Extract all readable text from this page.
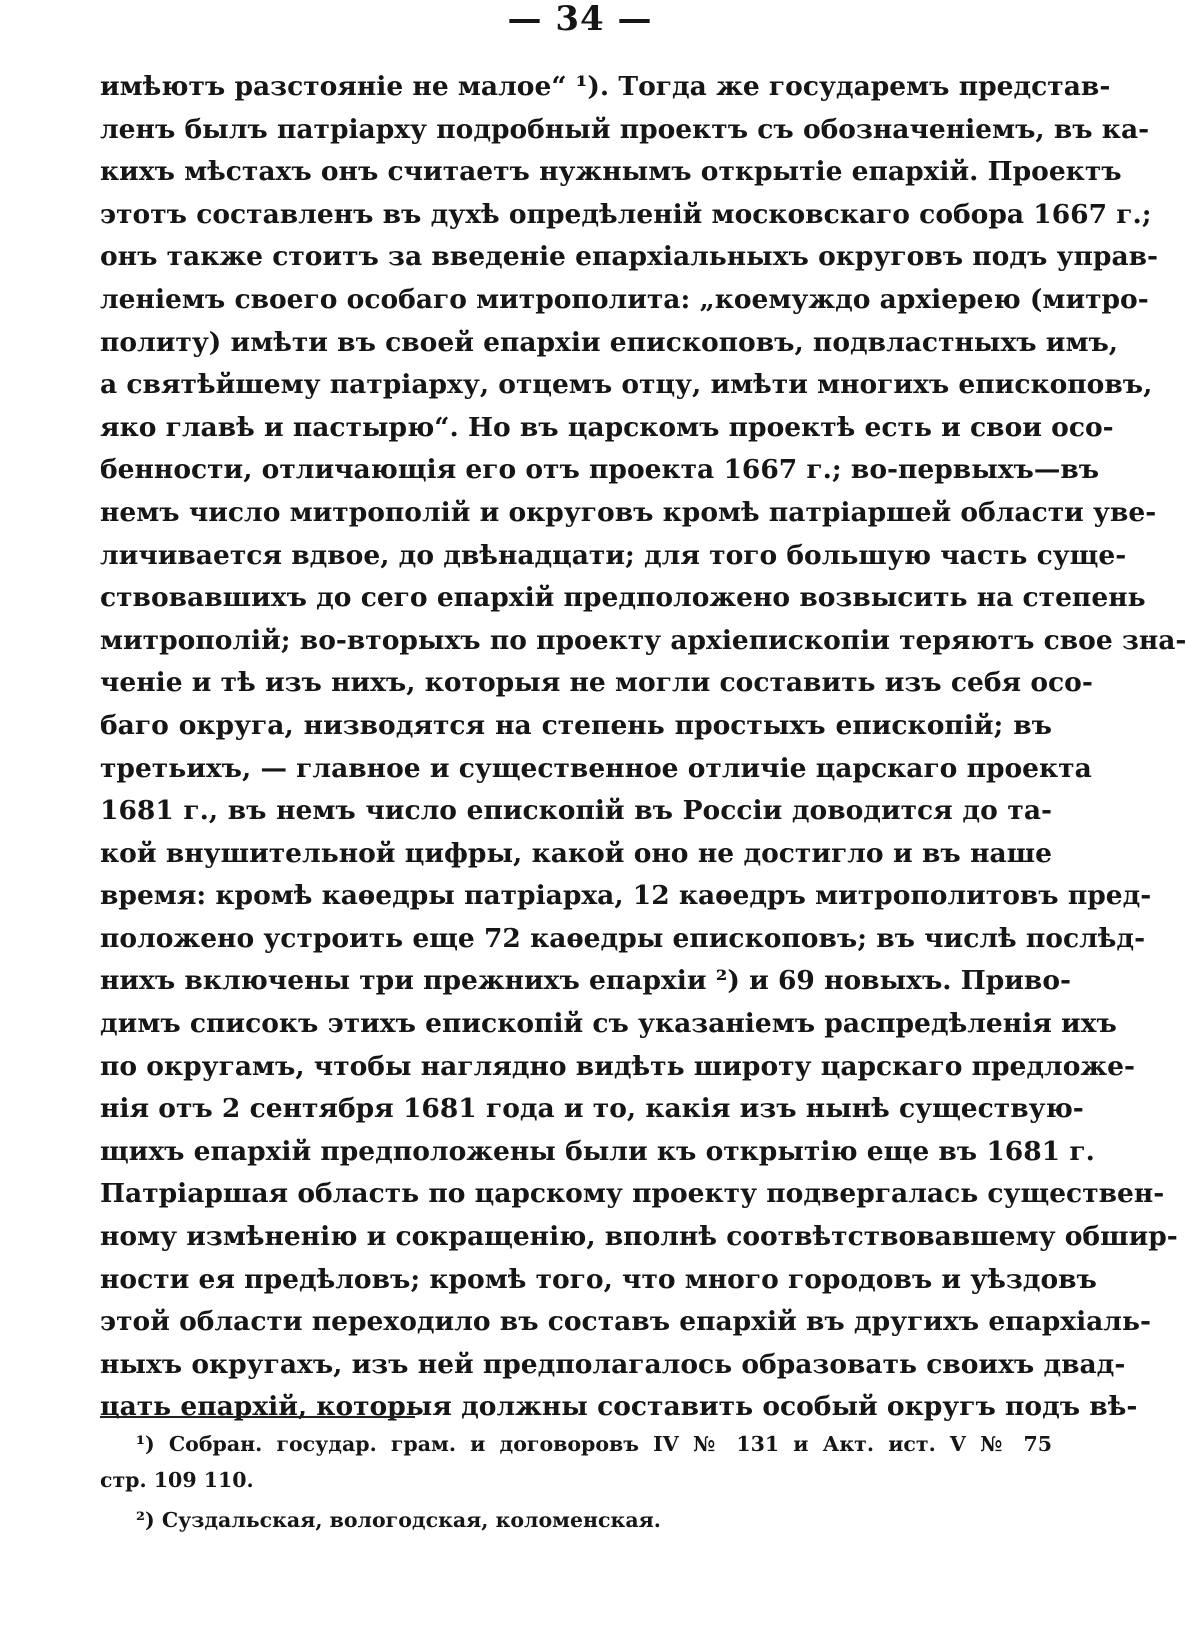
— 34 —
имѣютъ разстояніе не малое“ ¹). Тогда же государемъ представ-
ленъ былъ патріарху подробный проектъ съ обозначеніемъ, въ ка-
кихъ мѣстахъ онъ считаетъ нужнымъ открытіе епархій. Проектъ
этотъ составленъ въ духѣ опредѣленій московскаго собора 1667 г.;
онъ также стоитъ за введеніе епархіальныхъ округовъ подъ управ-
леніемъ своего особаго митрополита: „коемуждо архіерею (митро-
политу) имѣти въ своей епархіи епископовъ, подвластныхъ имъ,
а святѣйшему патріарху, отцемъ отцу, имѣти многихъ епископовъ,
яко главѣ и пастырю“. Но въ царскомъ проектѣ есть и свои осо-
бенности, отличающія его отъ проекта 1667 г.; во-первыхъ—въ
немъ число митрополій и округовъ кромѣ патріаршей области уве-
личивается вдвое, до двѣнадцати; для того большую часть суще-
ствовавшихъ до сего епархій предположено возвысить на степень
митрополій; во-вторыхъ по проекту архіепископіи теряютъ свое зна-
ченіе и тѣ изъ нихъ, которыя не могли составить изъ себя осо-
баго округа, низводятся на степень простыхъ епископій; въ
третьихъ, — главное и существенное отличіе царскаго проекта
1681 г., въ немъ число епископій въ Россіи доводится до та-
кой внушительной цифры, какой оно не достигло и въ наше
время: кромѣ каѳедры патріарха, 12 каѳедръ митрополитовъ пред-
положено устроить еще 72 каѳедры епископовъ; въ числѣ послѣд-
нихъ включены три прежнихъ епархіи ²) и 69 новыхъ. Приво-
димъ списокъ этихъ епископій съ указаніемъ распредѣленія ихъ
по округамъ, чтобы наглядно видѣть широту царскаго предложе-
нія отъ 2 сентября 1681 года и то, какія изъ нынѣ существую-
щихъ епархій предположены были къ открытію еще въ 1681 г.
Патріаршая область по царскому проекту подвергалась существен-
ному измѣненію и сокращенію, вполнѣ соотвѣтствовавшему обшир-
ности ея предѣловъ; кромѣ того, что много городовъ и уѣздовъ
этой области переходило въ составъ епархій въ другихъ епархіаль-
ныхъ округахъ, изъ ней предполагалось образовать своихъ двад-
цать епархій, которыя должны составить особый округъ подъ вѣ-
¹) Собран. государ. грам. и договоровъ IV № 131 и Акт. ист. V № 75
стр. 109 110.
²) Суздальская, вологодская, коломенская.
